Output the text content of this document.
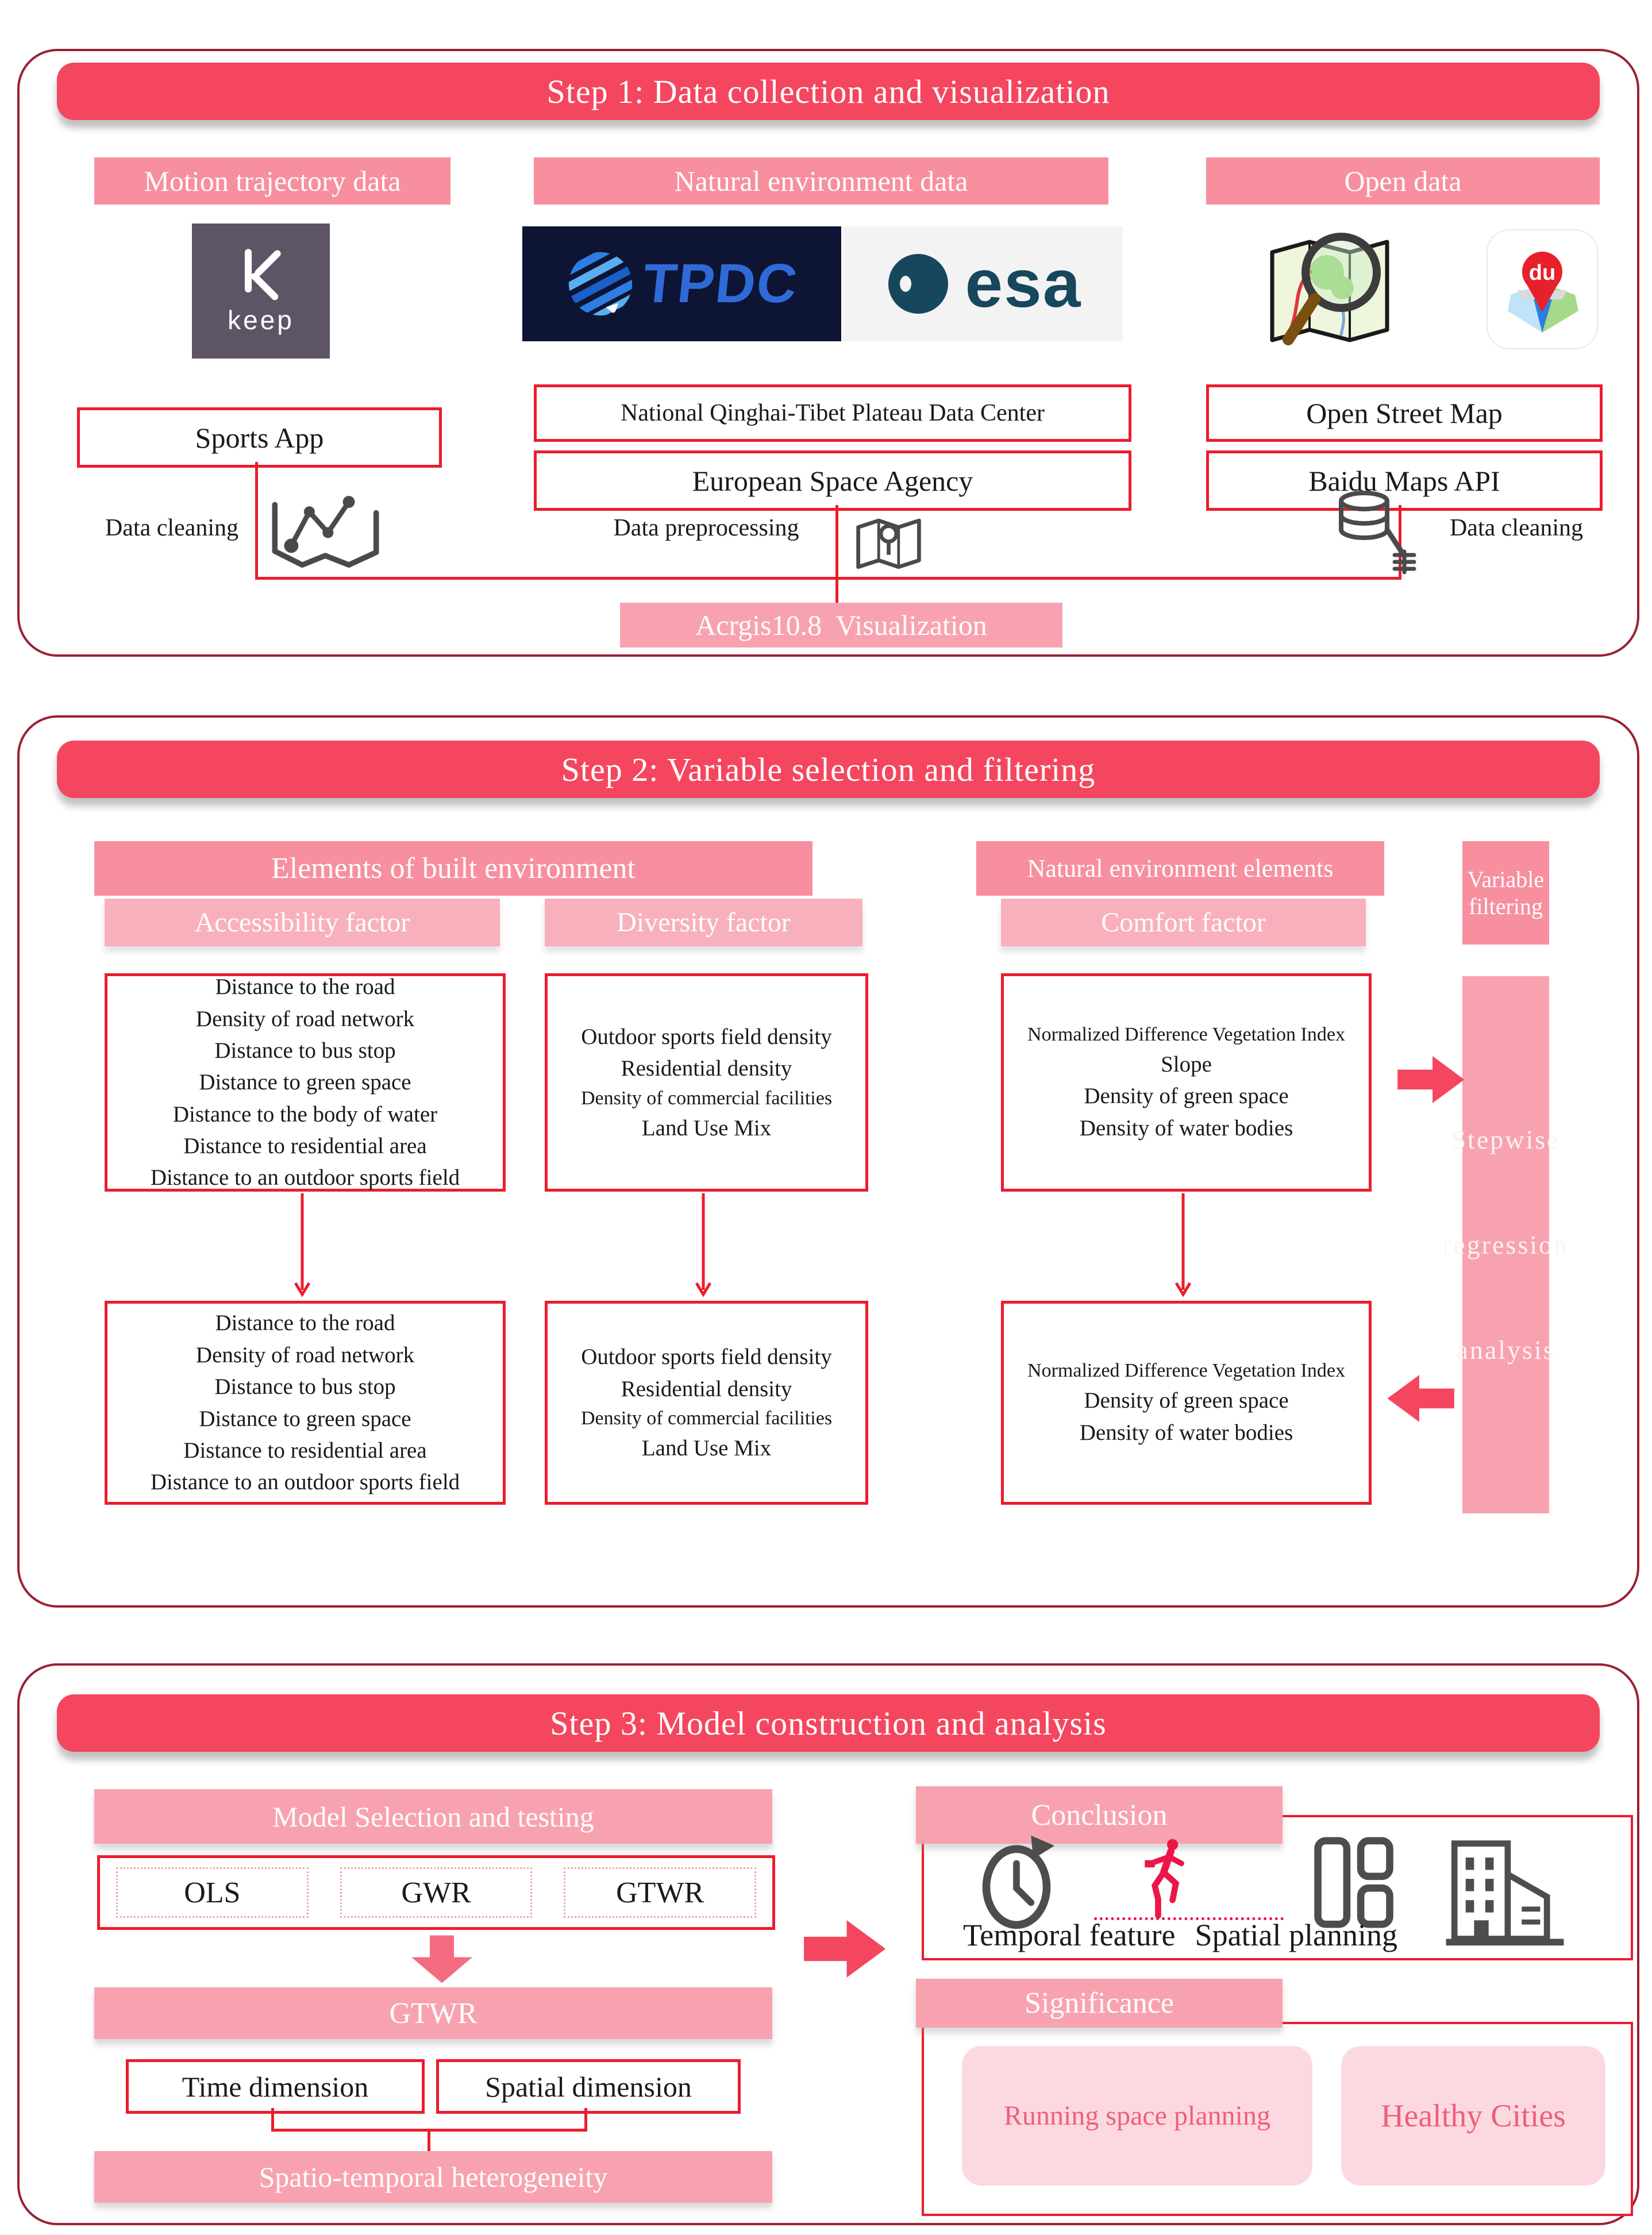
Step 1: Data collection and visualization
Motion trajectory data	Natural environment data	Open data
keep
TPDC esa	du
Sports App
National Qinghai-Tibet Plateau Data Center
European Space Agency
Open Street Map
Baidu Maps API
Data cleaning	Data preprocessing	Data cleaning
Acrgis10.8  Visualization
Step 2: Variable selection and filtering
Elements of built environment	Natural environment elements	Variable filtering
Accessibility factor	Diversity factor	Comfort factor
Distance to the road
Density of road network
Distance to bus stop
Distance to green space
Distance to the body of water
Distance to residential area
Distance to an outdoor sports field
Outdoor sports field density
Residential density
Density of commercial facilities
Land Use Mix
Normalized Difference Vegetation Index
Slope
Density of green space
Density of water bodies
Distance to the road
Density of road network
Distance to bus stop
Distance to green space
Distance to residential area
Distance to an outdoor sports field
Outdoor sports field density
Residential density
Density of commercial facilities
Land Use Mix
Normalized Difference Vegetation Index
Density of green space
Density of water bodies
Stepwise
regression
analysis
Step 3: Model construction and analysis
Model Selection and testing
OLS	GWR	GTWR
GTWR
Time dimension	Spatial dimension
Spatio-temporal heterogeneity
Conclusion
Temporal feature Spatial planning
Significance
Running space planning	Healthy Cities
